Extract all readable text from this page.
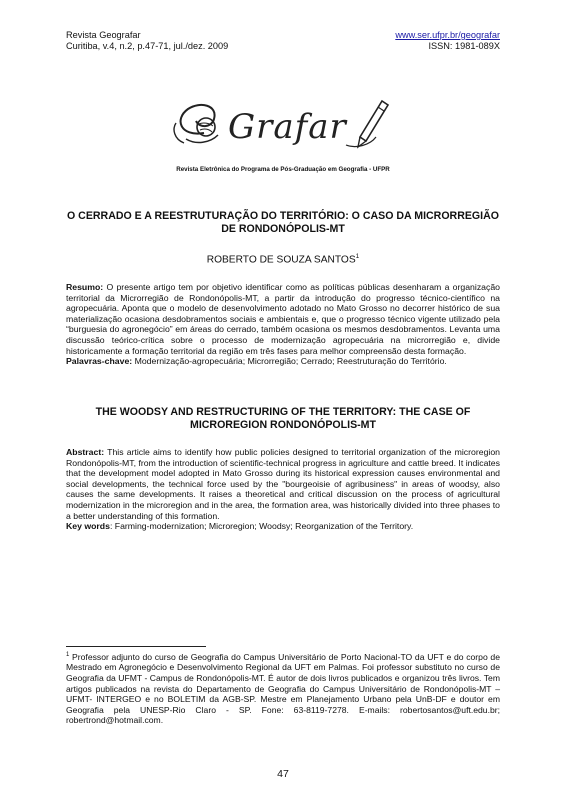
Revista Geografar
Curitiba, v.4, n.2, p.47-71, jul./dez. 2009
www.ser.ufpr.br/geografar
ISSN: 1981-089X
Grafar
Revista Eletrônica do Programa de Pós-Graduação em Geografia - UFPR
O CERRADO E A REESTRUTURAÇÃO DO TERRITÓRIO: O CASO DA MICRORREGIÃO DE RONDONÓPOLIS-MT
ROBERTO DE SOUZA SANTOS$^1$
Resumo: O presente artigo tem por objetivo identificar como as políticas públicas desenharam a organização territorial da Microrregião de Rondonópolis-MT, a partir da introdução do progresso técnico-científico na agropecuária. Aponta que o modelo de desenvolvimento adotado no Mato Grosso no decorrer histórico de sua materialização ocasiona desdobramentos sociais e ambientais e, que o progresso técnico vigente utilizado pela “burguesia do agronegócio” em áreas do cerrado, também ocasiona os mesmos desdobramentos. Levanta uma discussão teórico-crítica sobre o processo de modernização agropecuária na microrregião e, divide historicamente a formação territorial da região em três fases para melhor compreensão desta formação.
Palavras-chave: Modernização-agropecuária; Microrregião; Cerrado; Reestruturação do Território.
THE WOODSY AND RESTRUCTURING OF THE TERRITORY: THE CASE OF MICROREGION RONDONÓPOLIS-MT
Abstract: This article aims to identify how public policies designed to territorial organization of the microregion Rondonópolis-MT, from the introduction of scientific-technical progress in agriculture and cattle breed. It indicates that the development model adopted in Mato Grosso during its historical expression causes environmental and social developments, the technical force used by the "bourgeoisie of agribusiness" in areas of woodsy, also causes the same developments. It raises a theoretical and critical discussion on the process of agricultural modernization in the microregion and in the area, the formation area, was historically divided into three phases to a better understanding of this formation.
Key words: Farming-modernization; Microregion; Woodsy; Reorganization of the Territory.
$^1$ Professor adjunto do curso de Geografia do Campus Universitário de Porto Nacional-TO da UFT e do corpo de Mestrado em Agronegócio e Desenvolvimento Regional da UFT em Palmas. Foi professor substituto no curso de Geografia da UFMT - Campus de Rondonópolis-MT. É autor de dois livros publicados e organizou três livros. Tem artigos publicados na revista do Departamento de Geografia do Campus Universitário de Rondonópolis-MT – UFMT- INTERGEO e no BOLETIM da AGB-SP. Mestre em Planejamento Urbano pela UnB-DF e doutor em Geografia pela UNESP-Rio Claro - SP. Fone: 63-8119-7278. E-mails: robertosantos@uft.edu.br; robertrond@hotmail.com.
47
